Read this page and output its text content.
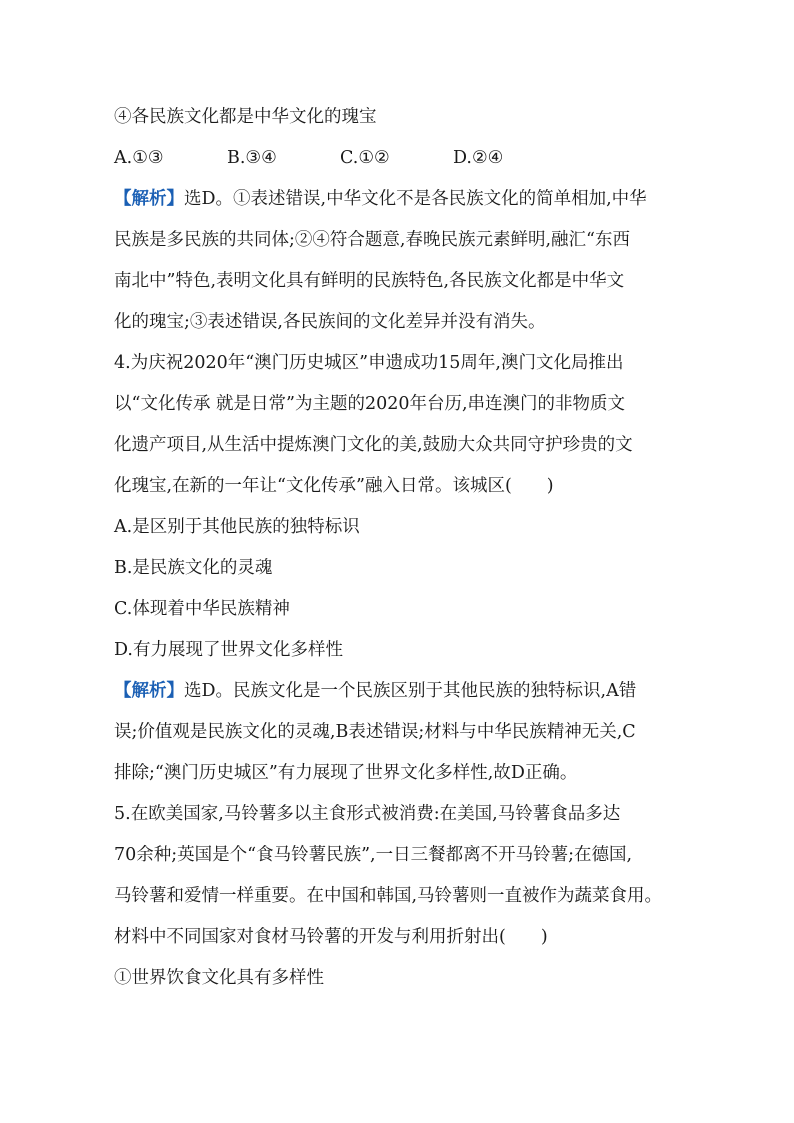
④各民族文化都是中华文化的瑰宝
A.①③	B.③④	C.①②	D.②④
【解析】选D。①表述错误,中华文化不是各民族文化的简单相加,中华
民族是多民族的共同体;②④符合题意,春晚民族元素鲜明,融汇“东西
南北中”特色,表明文化具有鲜明的民族特色,各民族文化都是中华文
化的瑰宝;③表述错误,各民族间的文化差异并没有消失。
4.为庆祝2020年“澳门历史城区”申遗成功15周年,澳门文化局推出
以“文化传承 就是日常”为主题的2020年台历,串连澳门的非物质文
化遗产项目,从生活中提炼澳门文化的美,鼓励大众共同守护珍贵的文
化瑰宝,在新的一年让“文化传承”融入日常。该城区(　　)
A.是区别于其他民族的独特标识
B.是民族文化的灵魂
C.体现着中华民族精神
D.有力展现了世界文化多样性
【解析】选D。民族文化是一个民族区别于其他民族的独特标识,A错
误;价值观是民族文化的灵魂,B表述错误;材料与中华民族精神无关,C
排除;“澳门历史城区”有力展现了世界文化多样性,故D正确。
5.在欧美国家,马铃薯多以主食形式被消费:在美国,马铃薯食品多达
70余种;英国是个“食马铃薯民族”,一日三餐都离不开马铃薯;在德国,
马铃薯和爱情一样重要。在中国和韩国,马铃薯则一直被作为蔬菜食用。
材料中不同国家对食材马铃薯的开发与利用折射出(　　)
①世界饮食文化具有多样性
